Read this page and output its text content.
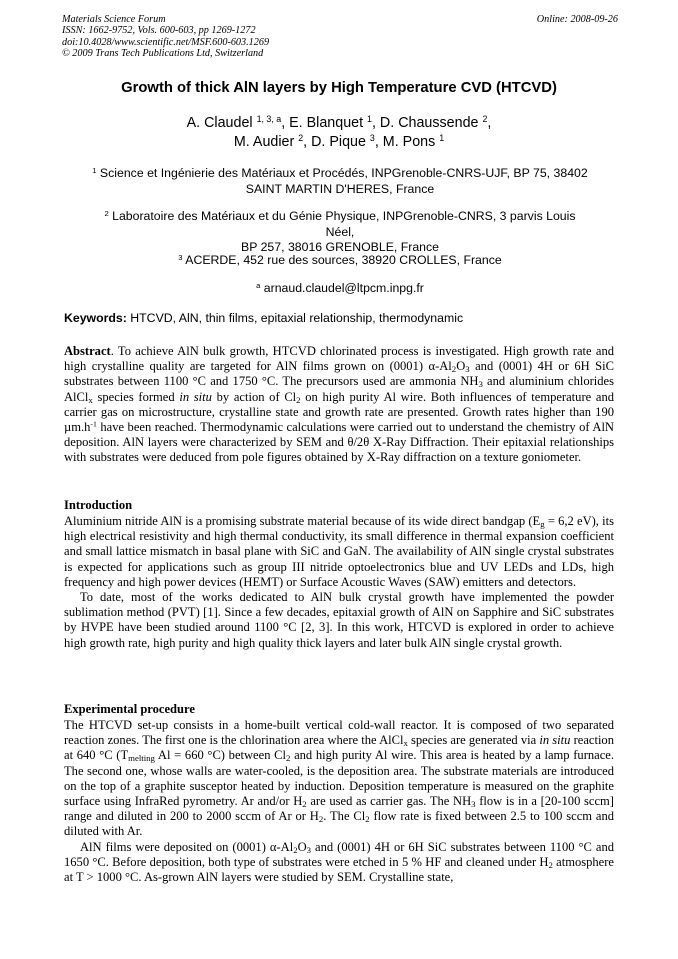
Materials Science Forum
ISSN: 1662-9752, Vols. 600-603, pp 1269-1272
doi:10.4028/www.scientific.net/MSF.600-603.1269
© 2009 Trans Tech Publications Ltd, Switzerland
Online: 2008-09-26
Growth of thick AlN layers by High Temperature CVD (HTCVD)
A. Claudel $^{1, 3, a}$, E. Blanquet $^1$, D. Chaussende $^2$,
M. Audier $^2$, D. Pique $^3$, M. Pons $^1$
$^1$ Science et Ingénierie des Matériaux et Procédés, INPGrenoble-CNRS-UJF, BP 75, 38402
SAINT MARTIN D'HERES, France
$^2$ Laboratoire des Matériaux et du Génie Physique, INPGrenoble-CNRS, 3 parvis Louis Néel,
BP 257, 38016 GRENOBLE, France
$^3$ ACERDE, 452 rue des sources, 38920 CROLLES, France
$^a$ arnaud.claudel@ltpcm.inpg.fr
Keywords: HTCVD, AlN, thin films, epitaxial relationship, thermodynamic

Abstract. To achieve AlN bulk growth, HTCVD chlorinated process is investigated. High growth rate and high crystalline quality are targeted for AlN films grown on (0001) $\alpha-Al_2O_3$ and (0001) 4H or 6H SiC substrates between 1100 °C and 1750 °C. The precursors used are ammonia $NH_3$ and aluminium chlorides AlCl$_x$ species formed in situ by action of $Cl_2$ on high purity Al wire. Both influences of temperature and carrier gas on microstructure, crystalline state and growth rate are presented. Growth rates higher than 190 $\mu m.h^{-1}$ have been reached. Thermodynamic calculations were carried out to understand the chemistry of AlN deposition. AlN layers were characterized by SEM and θ/2θ X-Ray Diffraction. Their epitaxial relationships with substrates were deduced from pole figures obtained by X-Ray diffraction on a texture goniometer.

Introduction

Aluminium nitride AlN is a promising substrate material because of its wide direct bandgap ($E_g = 6,2$ eV), its high electrical resistivity and high thermal conductivity, its small difference in thermal expansion coefficient and small lattice mismatch in basal plane with SiC and GaN. The availability of AlN single crystal substrates is expected for applications such as group III nitride optoelectronics blue and UV LEDs and LDs, high frequency and high power devices (HEMT) or Surface Acoustic Waves (SAW) emitters and detectors.

To date, most of the works dedicated to AlN bulk crystal growth have implemented the powder sublimation method (PVT) [1]. Since a few decades, epitaxial growth of AlN on Sapphire and SiC substrates by HVPE have been studied around 1100 °C [2, 3]. In this work, HTCVD is explored in order to achieve high growth rate, high purity and high quality thick layers and later bulk AlN single crystal growth.

Experimental procedure

The HTCVD set-up consists in a home-built vertical cold-wall reactor. It is composed of two separated reaction zones. The first one is the chlorination area where the AlCl$_x$ species are generated via in situ reaction at 640 °C ($T_{melting}$ Al = 660 °C) between $Cl_2$ and high purity Al wire. This area is heated by a lamp furnace. The second one, whose walls are water-cooled, is the deposition area. The substrate materials are introduced on the top of a graphite susceptor heated by induction. Deposition temperature is measured on the graphite surface using InfraRed pyrometry. Ar and/or $H_2$ are used as carrier gas. The $NH_3$ flow is in a [20-100 sccm] range and diluted in 200 to 2000 sccm of Ar or $H_2$. The $Cl_2$ flow rate is fixed between 2.5 to 100 sccm and diluted with Ar.

AlN films were deposited on (0001) $\alpha-Al_2O_3$ and (0001) 4H or 6H SiC substrates between 1100 °C and 1650 °C. Before deposition, both type of substrates were etched in 5 % HF and cleaned under $H_2$ atmosphere at T > 1000 °C. As-grown AlN layers were studied by SEM. Crystalline state,
